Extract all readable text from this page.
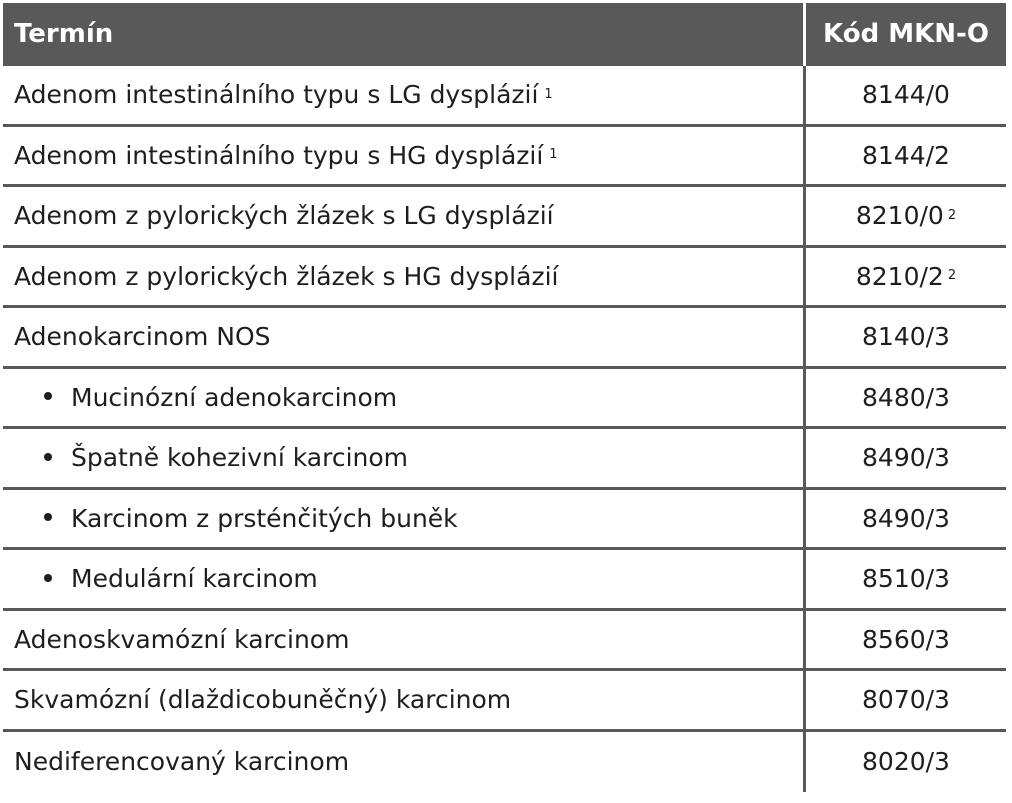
Termín	Kód MKN-O
Adenom intestinálního typu s LG dysplázií 1	8144/0
Adenom intestinálního typu s HG dysplázií 1	8144/2
Adenom z pylorických žlázek s LG dysplázií	8210/0 2
Adenom z pylorických žlázek s HG dysplázií	8210/2 2
Adenokarcinom NOS	8140/3
Mucinózní adenokarcinom	8480/3
Špatně kohezivní karcinom	8490/3
Karcinom z prsténčitých buněk	8490/3
Medulární karcinom	8510/3
Adenoskvamózní karcinom	8560/3
Skvamózní (dlaždicobuněčný) karcinom	8070/3
Nediferencovaný karcinom	8020/3
